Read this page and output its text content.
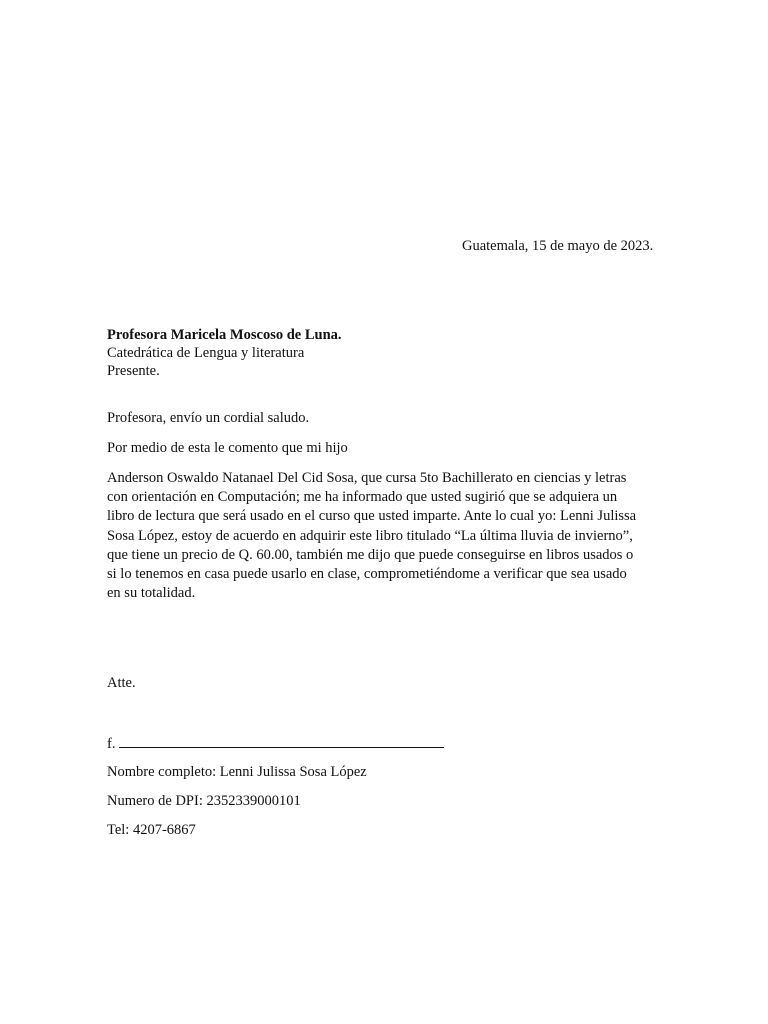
Guatemala, 15 de mayo de 2023.
Profesora Maricela Moscoso de Luna.
Catedrática de Lengua y literatura
Presente.
Profesora, envío un cordial saludo.
Por medio de esta le comento que mi hijo
Anderson Oswaldo Natanael Del Cid Sosa, que cursa 5to Bachillerato en ciencias y letras
con orientación en Computación; me ha informado que usted sugirió que se adquiera un
libro de lectura que será usado en el curso que usted imparte. Ante lo cual yo: Lenni Julissa
Sosa López, estoy de acuerdo en adquirir este libro titulado “La última lluvia de invierno”,
que tiene un precio de Q. 60.00, también me dijo que puede conseguirse en libros usados o
si lo tenemos en casa puede usarlo en clase, comprometiéndome a verificar que sea usado
en su totalidad.
Atte.
f.
Nombre completo: Lenni Julissa Sosa López
Numero de DPI: 2352339000101
Tel: 4207-6867
